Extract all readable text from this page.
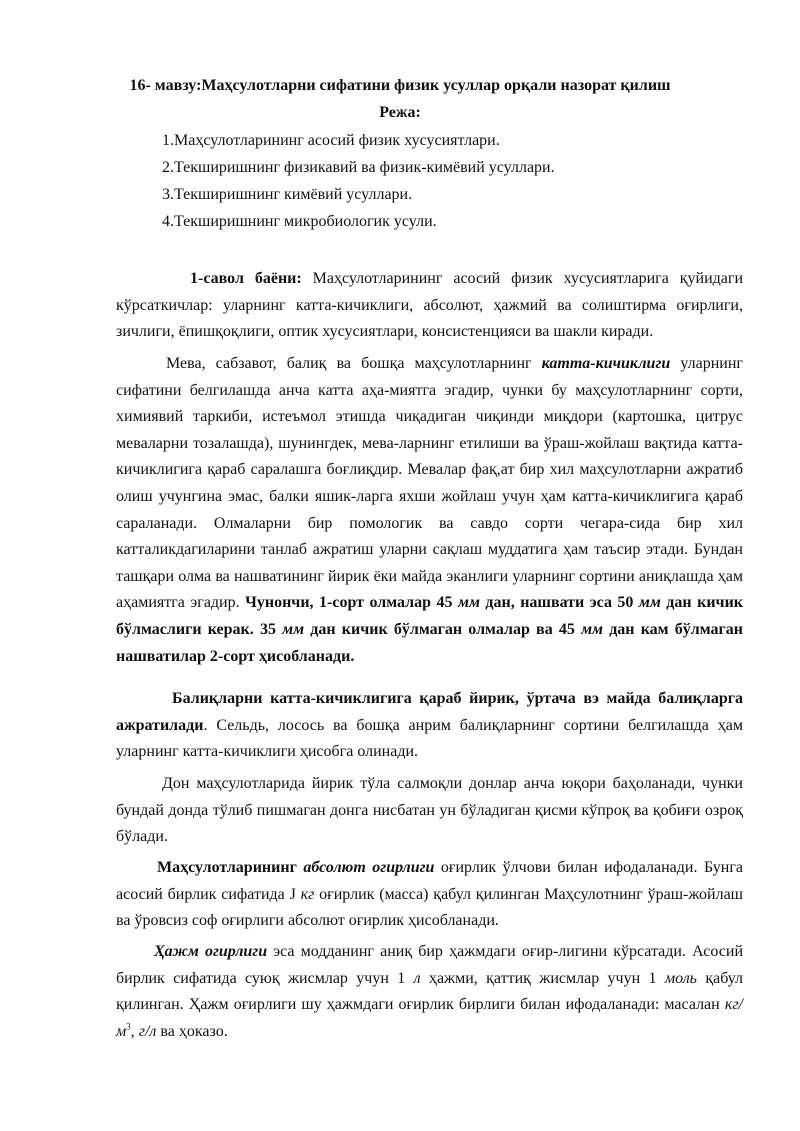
16- мавзу:Маҳсулотларни сифатини физик усуллар орқали назорат қилиш

Режа:

1.Маҳсулотларининг асосий физик хусусиятлари.

2.Текширишнинг физикавий ва физик-кимёвий усуллари.

3.Текширишнинг кимёвий усуллари.

4.Текширишнинг микробиологик усули.

1-савол баёни: Маҳсулотларининг асосий физик хусусиятларига қуйидаги кўрсаткичлар: уларнинг катта-кичиклиги, абсолют, ҳажмий ва солиштирма оғирлиги, зичлиги, ёпишқоқлиги, оптик хусусиятлари, консистенцияси ва шакли киради.

Мева, сабзавот, балиқ ва бошқа маҳсулотларнинг катта-кичиклиги уларнинг сифатини белгилашда анча катта аҳа-миятга эгадир, чунки бу маҳсулотларнинг сорти, химиявий таркиби, истеъмол этишда чиқадиган чиқинди миқдори (картошка, цитрус меваларни тозалашда), шунингдек, мева-ларнинг етилиши ва ўраш-жойлаш вақтида катта-кичиклигига қараб саралашга боғлиқдир. Мевалар фақ,ат бир хил маҳсулотларни ажратиб олиш учунгина эмас, балки яшик-ларга яхши жойлаш учун ҳам катта-кичиклигига қараб сараланади. Олмаларни бир помологик ва савдо сорти чегара-сида бир хил катталикдагиларини танлаб ажратиш уларни сақлаш муддатига ҳам таъсир этади. Бундан ташқари олма ва нашватининг йирик ёки майда эканлиги уларнинг сортини аниқлашда ҳам аҳамиятга эгадир. Чунончи, 1-сорт олмалар 45 мм дан, нашвати эса 50 мм дан кичик бўлмаслиги керак. 35 мм дан кичик бўлмаган олмалар ва 45 мм дан кам бўлмаган нашватилар 2-сорт ҳисобланади.

Балиқларни катта-кичиклигига қараб йирик, ўртача вэ майда балиқларга ажратилади. Сельдь, лосось ва бошқа анрим балиқларнинг сортини белгилашда ҳам уларнинг катта-кичиклиги ҳисобга олинади.

Дон маҳсулотларида йирик тўла салмоқли донлар анча юқори баҳоланади, чунки бундай донда тўлиб пишмаган донга нисбатан ун бўладиган қисми кўпроқ ва қобиғи озроқ бўлади.

Маҳсулотларининг абсолют огирлиги оғирлик ўлчови билан ифодаланади. Бунга асосий бирлик сифатида J кг оғирлик (масса) қабул қилинган Маҳсулотнинг ўраш-жойлаш ва ўровсиз соф оғирлиги абсолют оғирлик ҳисобланади.

Ҳажм огирлиги эса модданинг аниқ бир ҳажмдаги оғир-лигини кўрсатади. Асосий бирлик сифатида суюқ жисмлар учун 1 л ҳажми, қаттиқ жисмлар учун 1 моль қабул қилинган. Ҳажм оғирлиги шу ҳажмдаги оғирлик бирлиги билан ифодаланади: масалан $кг/м^3$, г/л ва ҳоказо.
